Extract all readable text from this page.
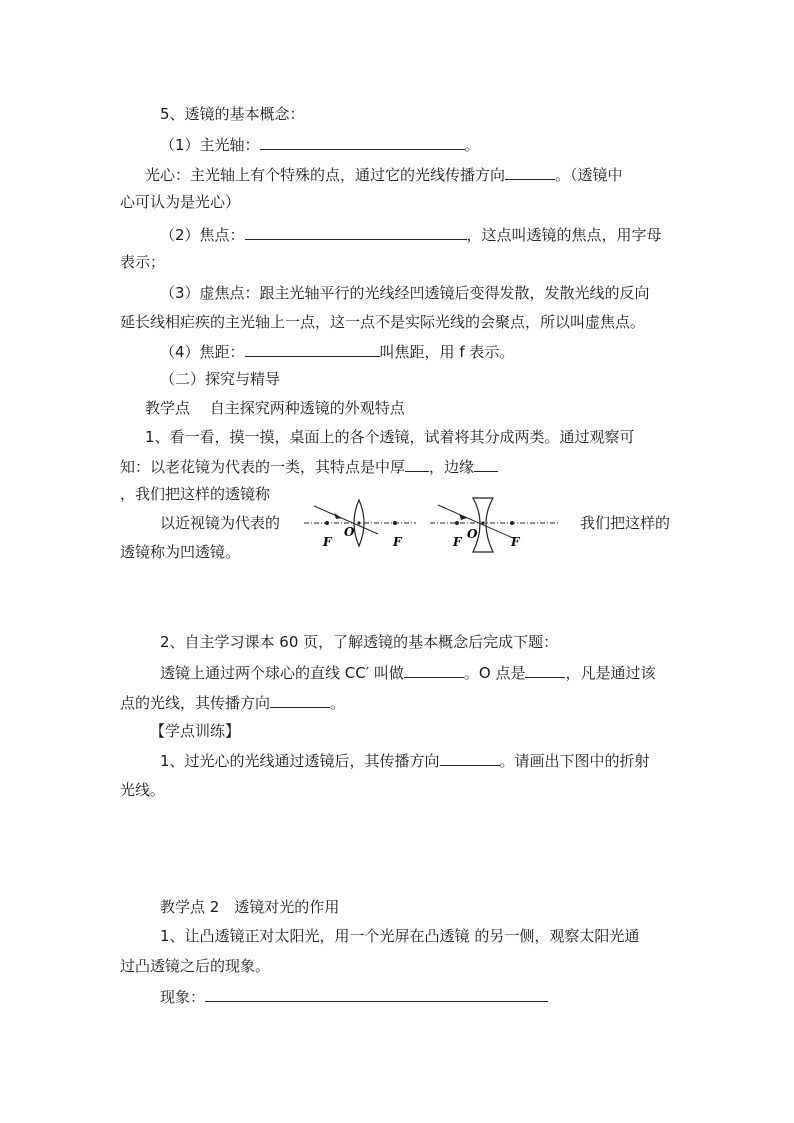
5、透镜的基本概念：
（1）主光轴：	。
光心：主光轴上有个特殊的点，通过它的光线传播方向	。（透镜中
心可认为是光心）
（2）焦点：	，这点叫透镜的焦点，用字母
表示；
（3）虚焦点：跟主光轴平行的光线经凹透镜后变得发散，发散光线的反向
延长线相疟疾的主光轴上一点，这一点不是实际光线的会聚点，所以叫虚焦点。
（4）焦距：	叫焦距，用 f 表示。
（二）探究与精导
教学点　 自主探究两种透镜的外观特点
1、看一看，摸一摸，桌面上的各个透镜，试着将其分成两类。通过观察可
知：以老花镜为代表的一类，其特点是中厚 ，边缘
，我们把这样的透镜称
以近视镜为代表的	我们把这样的
透镜称为凹透镜。
F
O
F	F
O
F
2、自主学习课本 60 页，了解透镜的基本概念后完成下题：
透镜上通过两个球心的直线 CC′ 叫做	。O 点是	，凡是通过该
点的光线，其传播方向	。
【学点训练】
1、过光心的光线通过透镜后，其传播方向	。请画出下图中的折射
光线。
教学点 2　透镜对光的作用
1、让凸透镜正对太阳光，用一个光屏在凸透镜 的另一侧，观察太阳光通
过凸透镜之后的现象。
现象：
